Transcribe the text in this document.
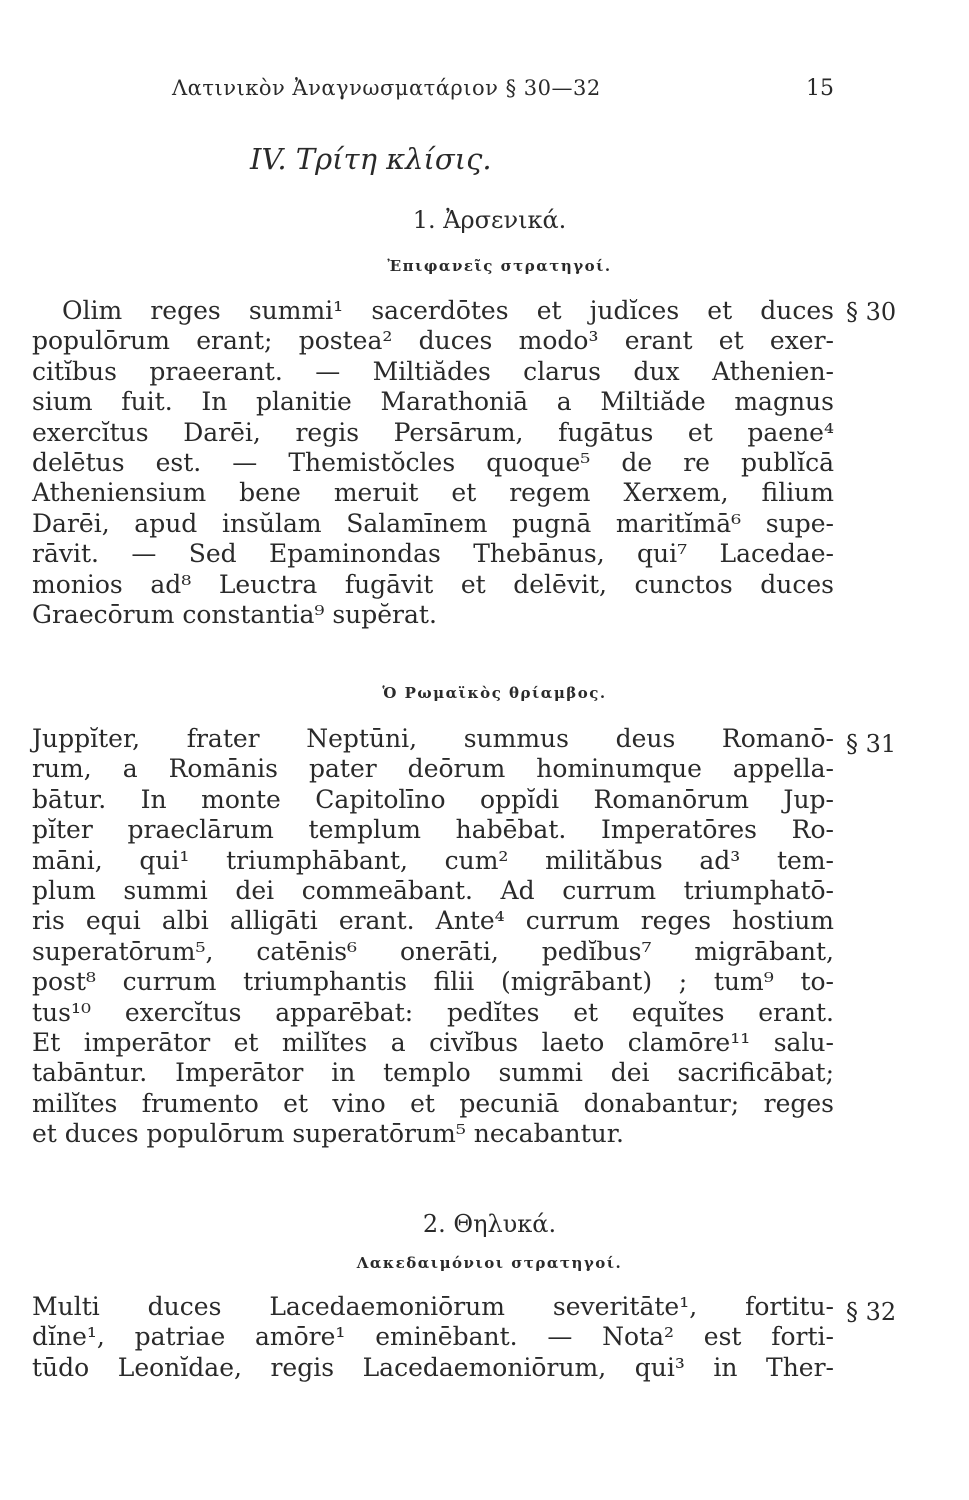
Λατινικὸν Ἀναγνωσματάριον § 30—32	15
IV. Τρίτη κλίσις.
1. Ἀρσενικά.
Ἐπιφανεῖς στρατηγοί.
Olim reges summi¹ sacerdōtes et judĭces et duces
populōrum erant; postea² duces modo³ erant et exer-
citĭbus praeerant. — Miltiădes clarus dux Athenien-
sium fuit. In planitie Marathoniā a Miltiăde magnus
exercĭtus Darēi, regis Persārum, fugātus et paene⁴
delētus est. — Themistŏcles quoque⁵ de re publĭcā
Atheniensium bene meruit et regem Xerxem, filium
Darēi, apud insŭlam Salamīnem pugnā maritĭmā⁶ supe-
rāvit. — Sed Epaminondas Thebānus, qui⁷ Lacedae-
monios ad⁸ Leuctra fugāvit et delēvit, cunctos duces
Graecōrum constantia⁹ supĕrat.
§ 30
Ὁ Ρωμαϊκὸς θρίαμβος.
Juppĭter, frater Neptūni, summus deus Romanō-
rum, a Romānis pater deōrum hominumque appella-
bātur. In monte Capitolīno oppĭdi Romanōrum Jup-
pĭter praeclārum templum habēbat. Imperatōres Ro-
māni, qui¹ triumphābant, cum² milităbus ad³ tem-
plum summi dei commeābant. Ad currum triumphatō-
ris equi albi alligāti erant. Ante⁴ currum reges hostium
superatōrum⁵, catēnis⁶ onerāti, pedĭbus⁷ migrābant,
post⁸ currum triumphantis filii (migrābant) ; tum⁹ to-
tus¹⁰ exercĭtus apparēbat: pedĭtes et equĭtes erant.
Et imperātor et milĭtes a civĭbus laeto clamōre¹¹ salu-
tabāntur. Imperātor in templo summi dei sacrificābat;
milĭtes frumento et vino et pecuniā donabantur; reges
et duces populōrum superatōrum⁵ necabantur.
§ 31
2. Θηλυκά.
Λακεδαιμόνιοι στρατηγοί.
Multi duces Lacedaemoniōrum severitāte¹, fortitu-
dĭne¹, patriae amōre¹ eminēbant. — Nota² est forti-
tūdo Leonĭdae, regis Lacedaemoniōrum, qui³ in Ther-
§ 32
